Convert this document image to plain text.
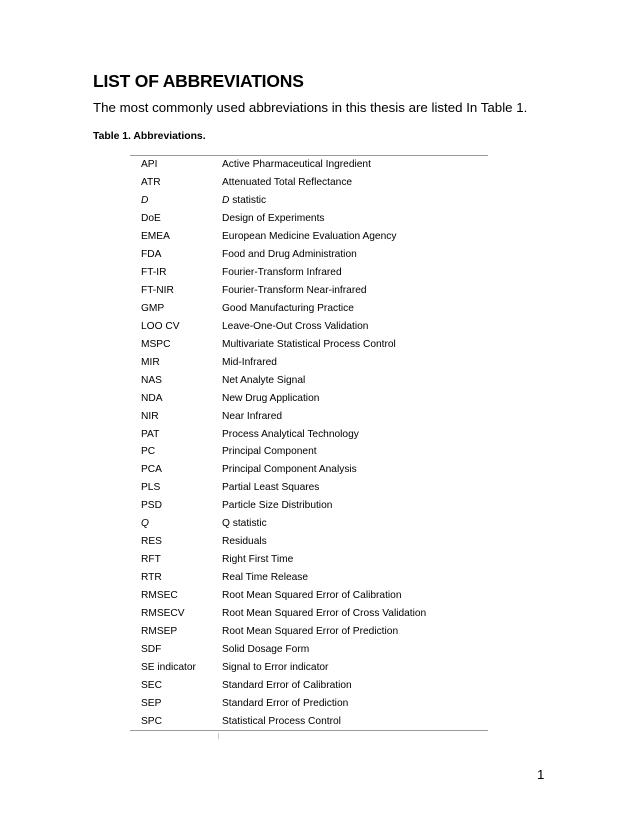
LIST OF ABBREVIATIONS
The most commonly used abbreviations in this thesis are listed In Table 1.
Table 1. Abbreviations.

API	Active Pharmaceutical Ingredient
ATR	Attenuated Total Reflectance
D	D statistic
DoE	Design of Experiments
EMEA	European Medicine Evaluation Agency
FDA	Food and Drug Administration
FT-IR	Fourier-Transform Infrared
FT-NIR	Fourier-Transform Near-infrared
GMP	Good Manufacturing Practice
LOO CV	Leave-One-Out Cross Validation
MSPC	Multivariate Statistical Process Control
MIR	Mid-Infrared
NAS	Net Analyte Signal
NDA	New Drug Application
NIR	Near Infrared
PAT	Process Analytical Technology
PC	Principal Component
PCA	Principal Component Analysis
PLS	Partial Least Squares
PSD	Particle Size Distribution
Q	Q statistic
RES	Residuals
RFT	Right First Time
RTR	Real Time Release
RMSEC	Root Mean Squared Error of Calibration
RMSECV	Root Mean Squared Error of Cross Validation
RMSEP	Root Mean Squared Error of Prediction
SDF	Solid Dosage Form
SE indicator	Signal to Error indicator
SEC	Standard Error of Calibration
SEP	Standard Error of Prediction
SPC	Statistical Process Control

1
